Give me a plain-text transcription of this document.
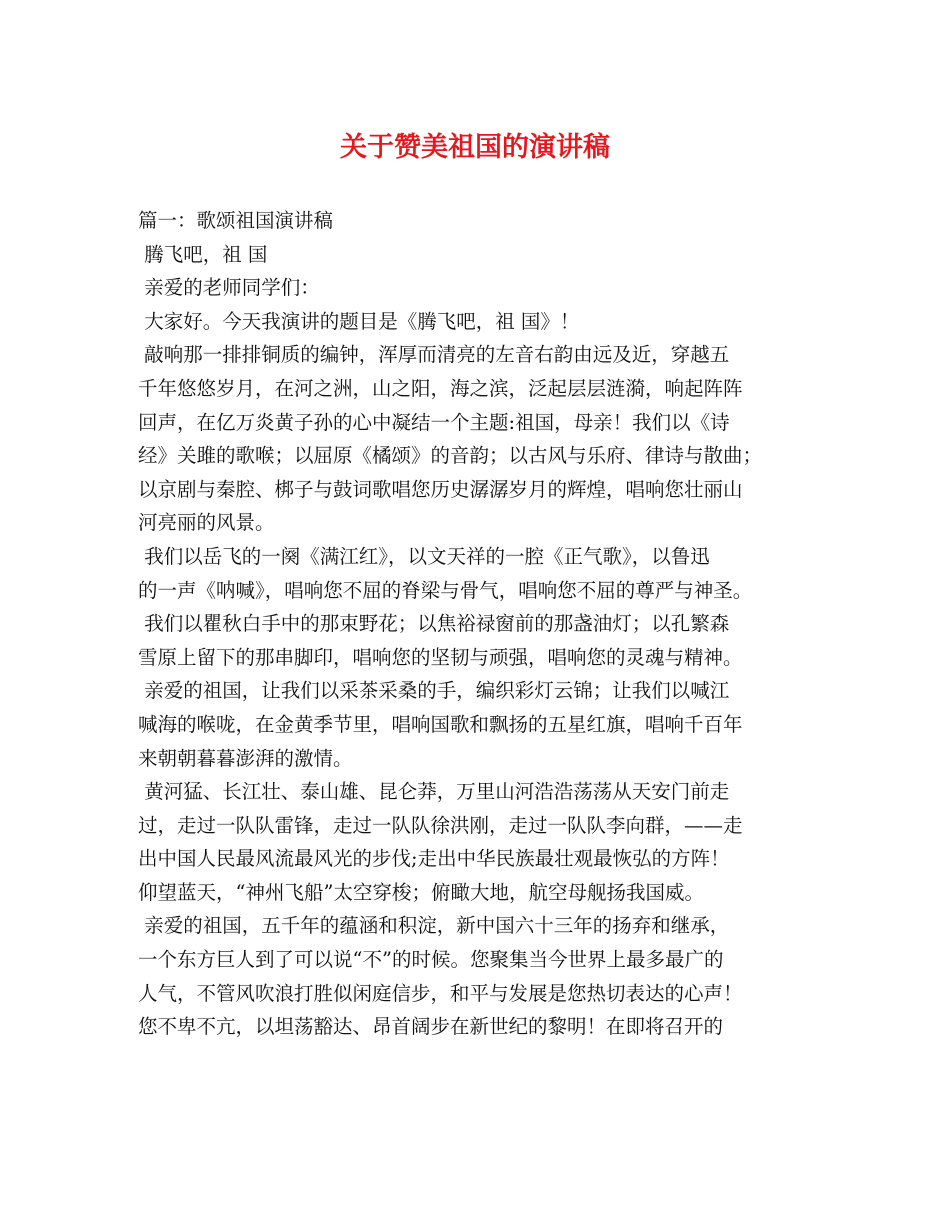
关于赞美祖国的演讲稿
篇一：歌颂祖国演讲稿
腾飞吧，祖 国
亲爱的老师同学们：
大家好。今天我演讲的题目是《腾飞吧，祖 国》！
敲响那一排排铜质的编钟，浑厚而清亮的左音右韵由远及近，穿越五
千年悠悠岁月，在河之洲，山之阳，海之滨，泛起层层涟漪，响起阵阵
回声，在亿万炎黄子孙的心中凝结一个主题:祖国，母亲！我们以《诗
经》关雎的歌喉；以屈原《橘颂》的音韵；以古风与乐府、律诗与散曲；
以京剧与秦腔、梆子与鼓词歌唱您历史潺潺岁月的辉煌，唱响您壮丽山
河亮丽的风景。
我们以岳飞的一阕《满江红》，以文天祥的一腔《正气歌》，以鲁迅
的一声《呐喊》，唱响您不屈的脊梁与骨气，唱响您不屈的尊严与神圣。
我们以瞿秋白手中的那束野花；以焦裕禄窗前的那盏油灯；以孔繁森
雪原上留下的那串脚印，唱响您的坚韧与顽强，唱响您的灵魂与精神。
亲爱的祖国，让我们以采茶采桑的手，编织彩灯云锦；让我们以喊江
喊海的喉咙，在金黄季节里，唱响国歌和飘扬的五星红旗，唱响千百年
来朝朝暮暮澎湃的激情。
黄河猛、长江壮、泰山雄、昆仑莽，万里山河浩浩荡荡从天安门前走
过，走过一队队雷锋，走过一队队徐洪刚，走过一队队李向群，——走
出中国人民最风流最风光的步伐;走出中华民族最壮观最恢弘的方阵！
仰望蓝天，“神州飞船”太空穿梭；俯瞰大地，航空母舰扬我国威。
亲爱的祖国，五千年的蕴涵和积淀，新中国六十三年的扬弃和继承，
一个东方巨人到了可以说“不”的时候。您聚集当今世界上最多最广的
人气，不管风吹浪打胜似闲庭信步，和平与发展是您热切表达的心声！
您不卑不亢，以坦荡豁达、昂首阔步在新世纪的黎明！在即将召开的
